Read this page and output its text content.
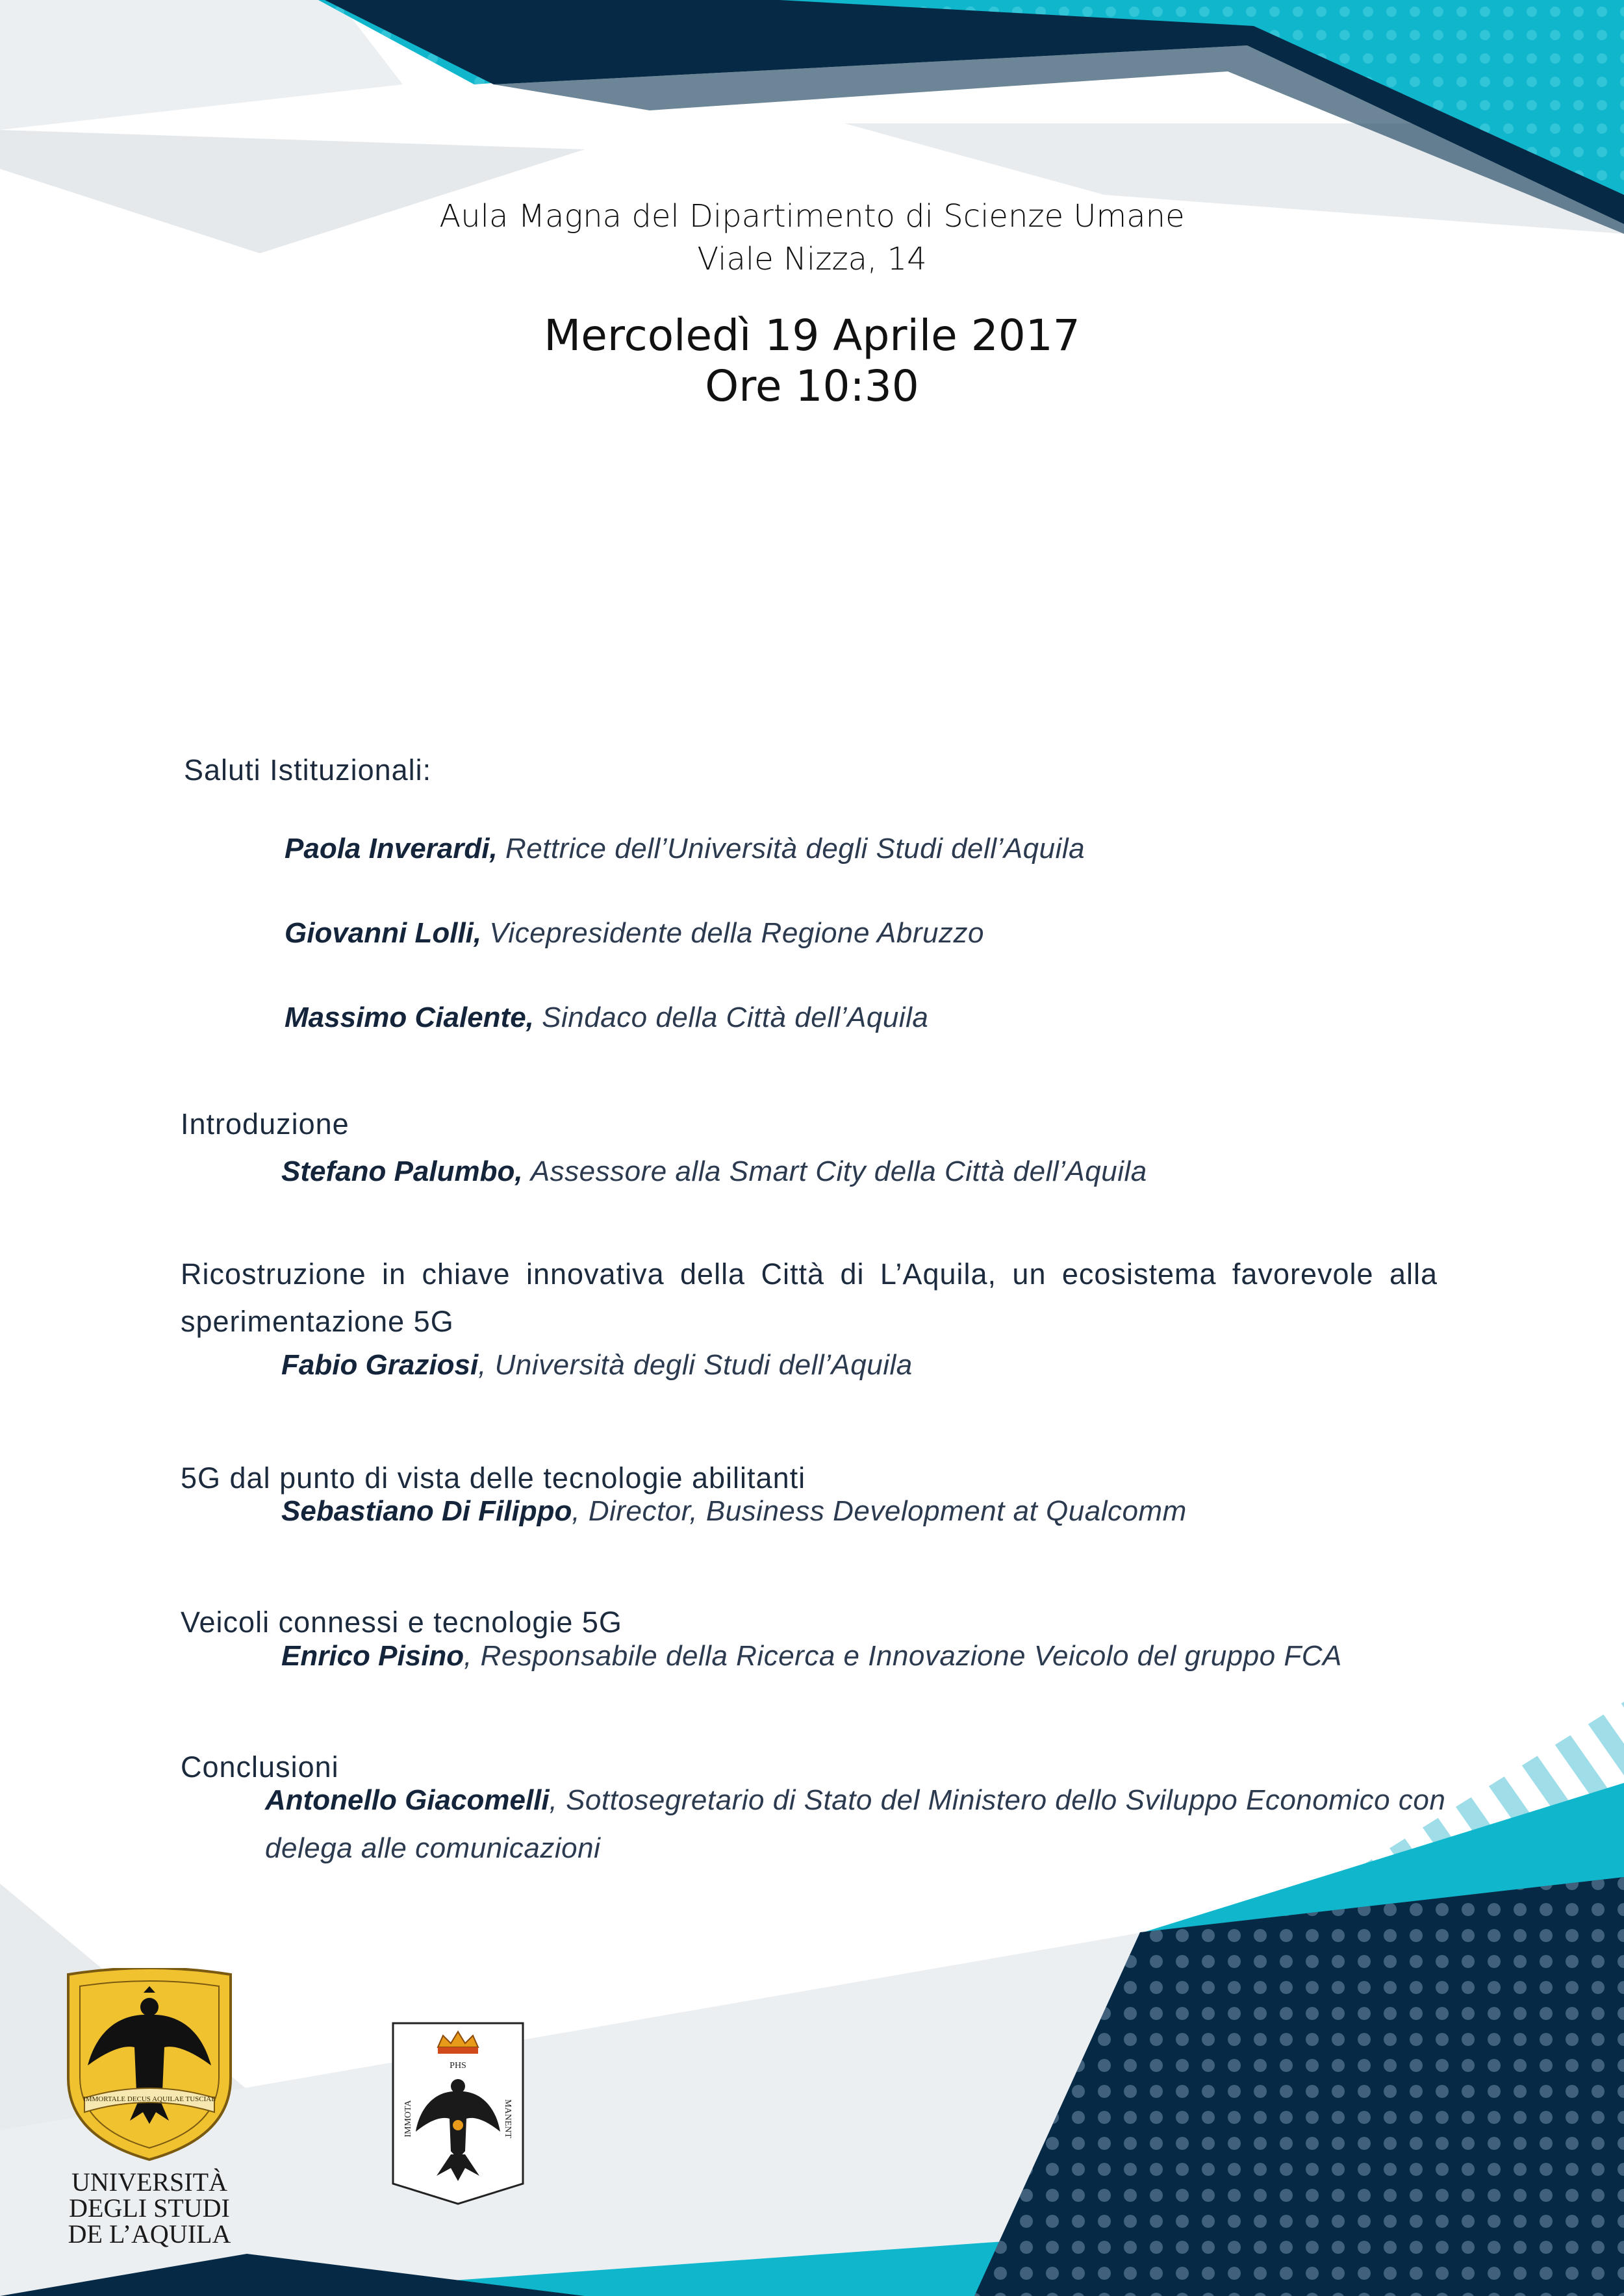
Aula Magna del Dipartimento di Scienze Umane
Viale Nizza, 14
Mercoledì 19 Aprile 2017
Ore 10:30
Saluti Istituzionali:
Paola Inverardi, Rettrice dell’Università degli Studi dell’Aquila
Giovanni Lolli, Vicepresidente della Regione Abruzzo
Massimo Cialente, Sindaco della Città dell’Aquila
Introduzione
Stefano Palumbo, Assessore alla Smart City della Città dell’Aquila
Ricostruzione in chiave innovativa della Città di L’Aquila, un ecosistema favorevole alla sperimentazione 5G
Fabio Graziosi, Università degli Studi dell’Aquila
5G dal punto di vista delle tecnologie abilitanti
Sebastiano Di Filippo, Director, Business Development at Qualcomm
Veicoli connessi e tecnologie 5G
Enrico Pisino, Responsabile della Ricerca e Innovazione Veicolo del gruppo FCA
Conclusioni
Antonello Giacomelli, Sottosegretario di Stato del Ministero dello Sviluppo Economico con delega alle comunicazioni
IMMORTALE DECUS AQUILAE TUSCIAE
UNIVERSITÀ
DEGLI STUDI
DE L’AQUILA
PHS
IMMOTA	MANENT
